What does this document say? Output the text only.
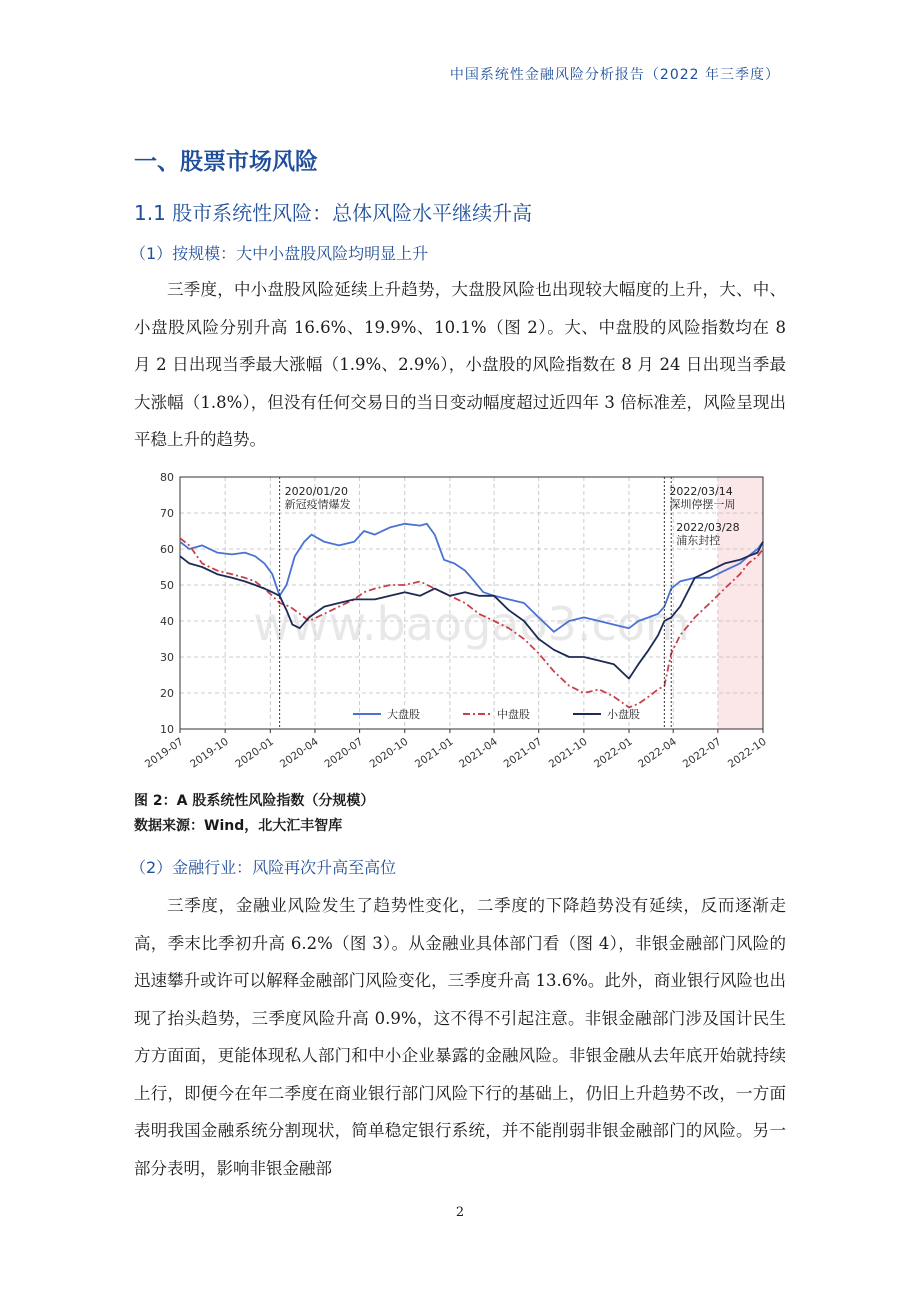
中国系统性金融风险分析报告（2022 年三季度）
一、股票市场风险
1.1 股市系统性风险：总体风险水平继续升高
（1）按规模：大中小盘股风险均明显上升

三季度，中小盘股风险延续上升趋势，大盘股风险也出现较大幅度的上升，大、中、小盘股风险分别升高 16.6%、19.9%、10.1%（图 2）。大、中盘股的风险指数均在 8 月 2 日出现当季最大涨幅（1.9%、2.9%），小盘股的风险指数在 8 月 24 日出现当季最大涨幅（1.8%），但没有任何交易日的当日变动幅度超过近四年 3 倍标准差，风险呈现出平稳上升的趋势。

10
20
30
40
50
60
70
80
2019-07 2019-10 2020-01 2020-04 2020-07 2020-10 2021-01 2021-04 2021-07 2021-10 2022-01 2022-04 2022-07 2022-10
www.baogao3.com
2020/01/20
新冠疫情爆发
2022/03/14
深圳停摆一周
2022/03/28
浦东封控
大盘股	中盘股	小盘股
图 2：A 股系统性风险指数（分规模）
数据来源：Wind，北大汇丰智库
（2）金融行业：风险再次升高至高位

三季度，金融业风险发生了趋势性变化，二季度的下降趋势没有延续，反而逐渐走高，季末比季初升高 6.2%（图 3）。从金融业具体部门看（图 4），非银金融部门风险的迅速攀升或许可以解释金融部门风险变化，三季度升高 13.6%。此外，商业银行风险也出现了抬头趋势，三季度风险升高 0.9%，这不得不引起注意。非银金融部门涉及国计民生方方面面，更能体现私人部门和中小企业暴露的金融风险。非银金融从去年底开始就持续上行，即便今在年二季度在商业银行部门风险下行的基础上，仍旧上升趋势不改，一方面表明我国金融系统分割现状，简单稳定银行系统，并不能削弱非银金融部门的风险。另一部分表明，影响非银金融部

2
